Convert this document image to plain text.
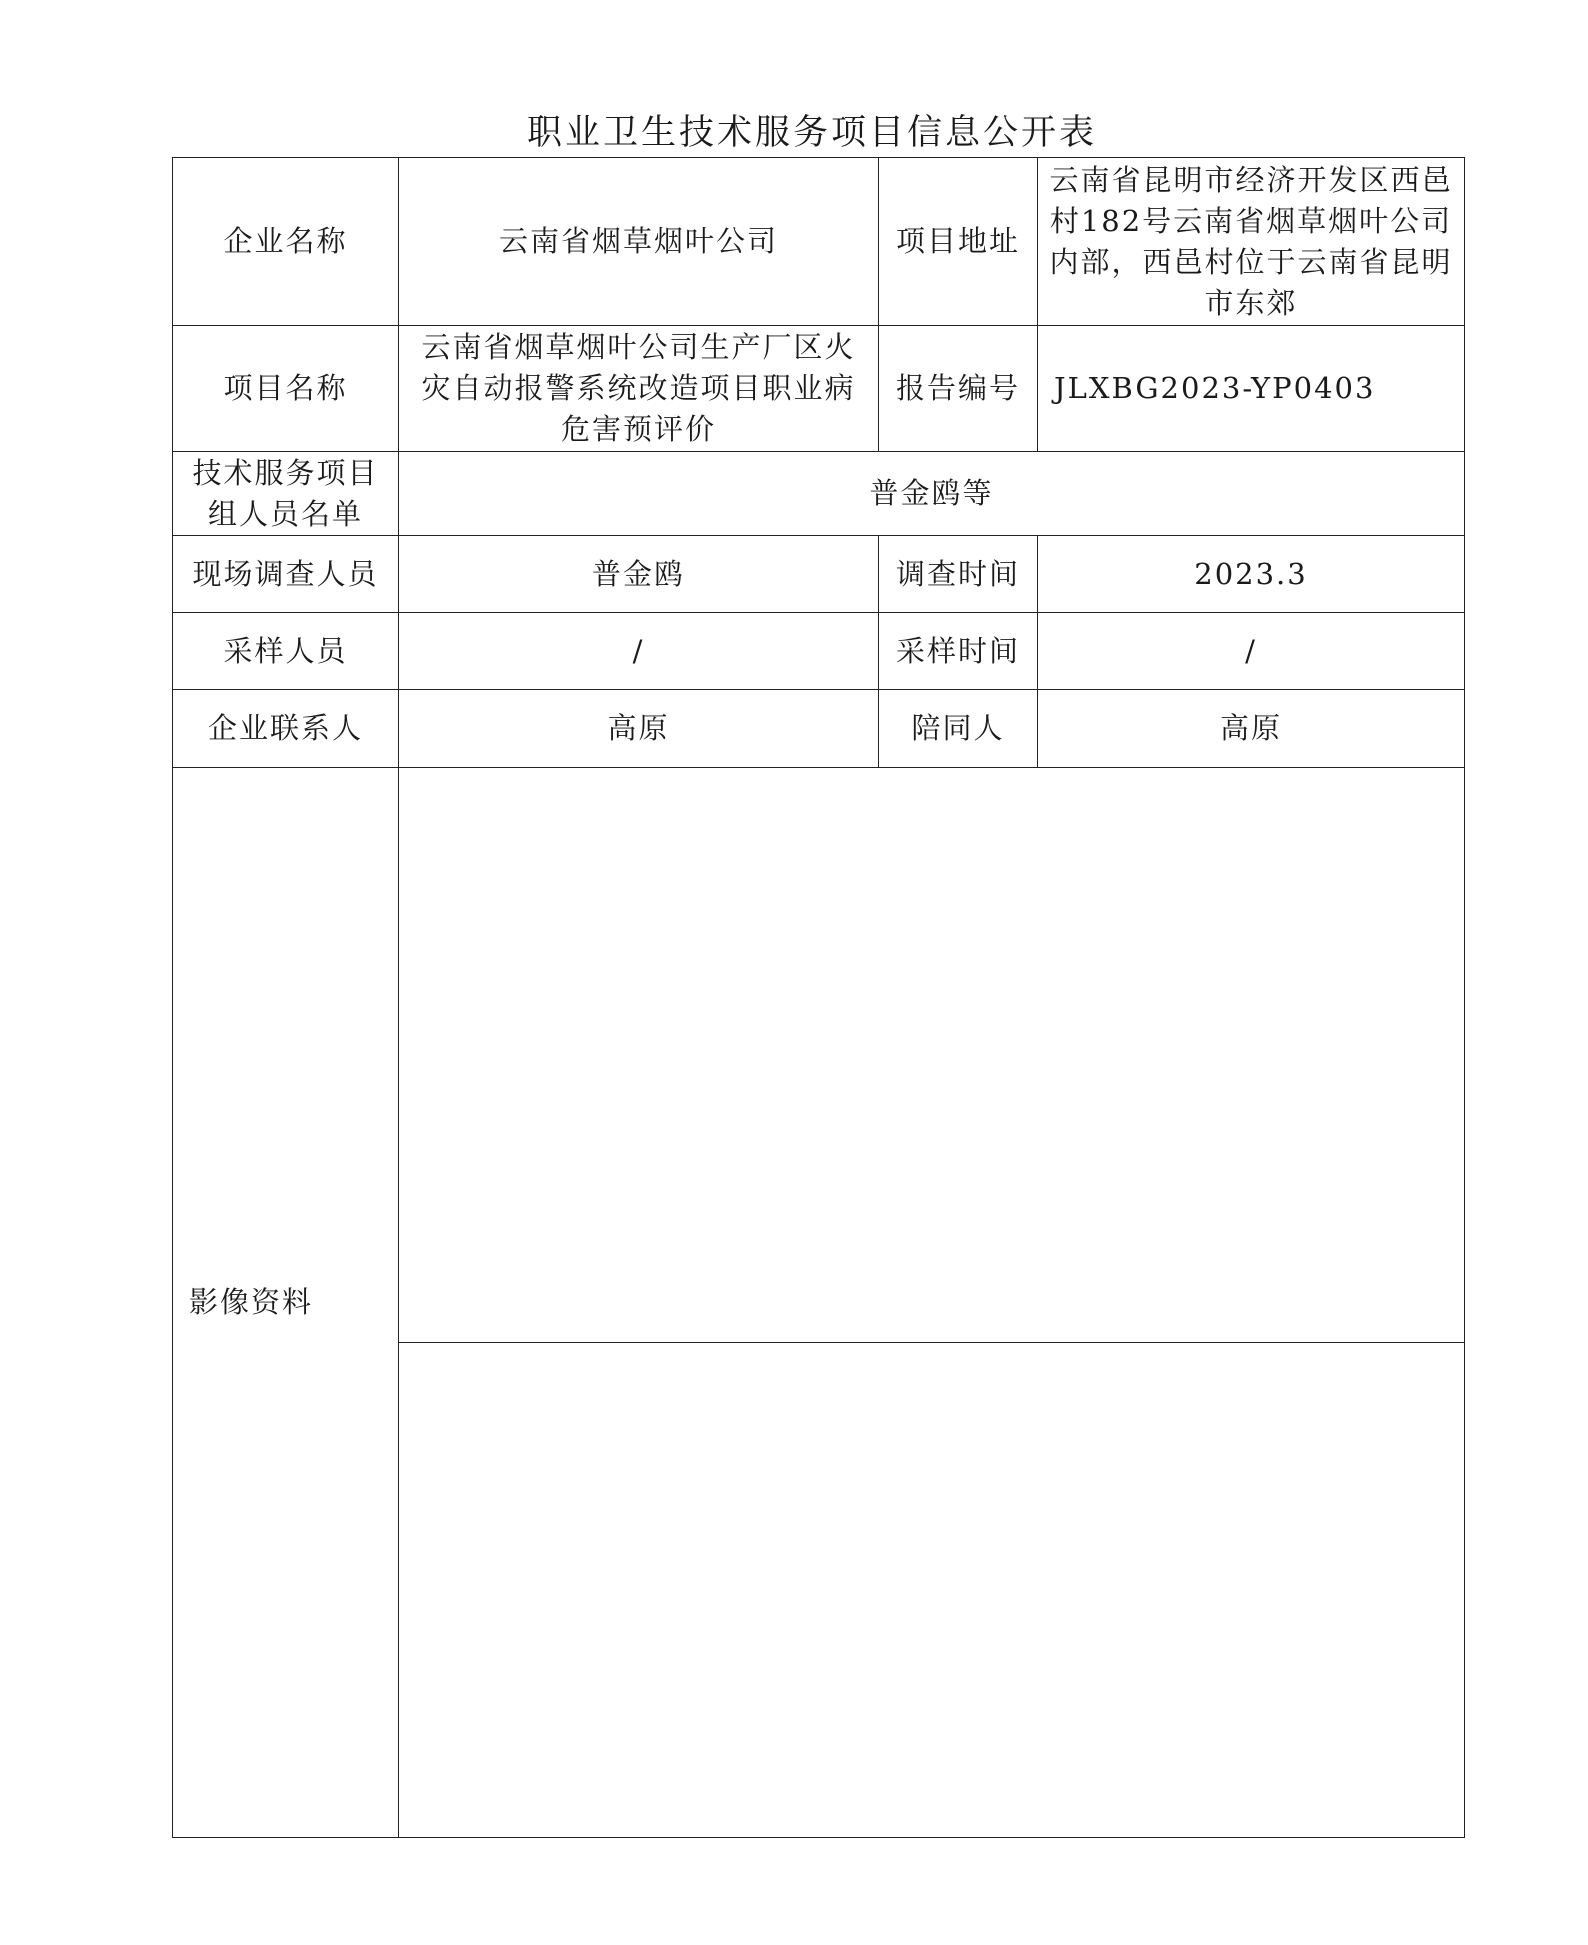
职业卫生技术服务项目信息公开表
企业名称	云南省烟草烟叶公司	项目地址	云南省昆明市经济开发区西邑村182号云南省烟草烟叶公司内部，西邑村位于云南省昆明市东郊
项目名称	云南省烟草烟叶公司生产厂区火灾自动报警系统改造项目职业病危害预评价	报告编号	JLXBG2023-YP0403
技术服务项目组人员名单	普金鸥等		
现场调查人员	普金鸥	调查时间	2023.3
采样人员	/	采样时间	/
企业联系人	高原	陪同人	高原
影像资料			
